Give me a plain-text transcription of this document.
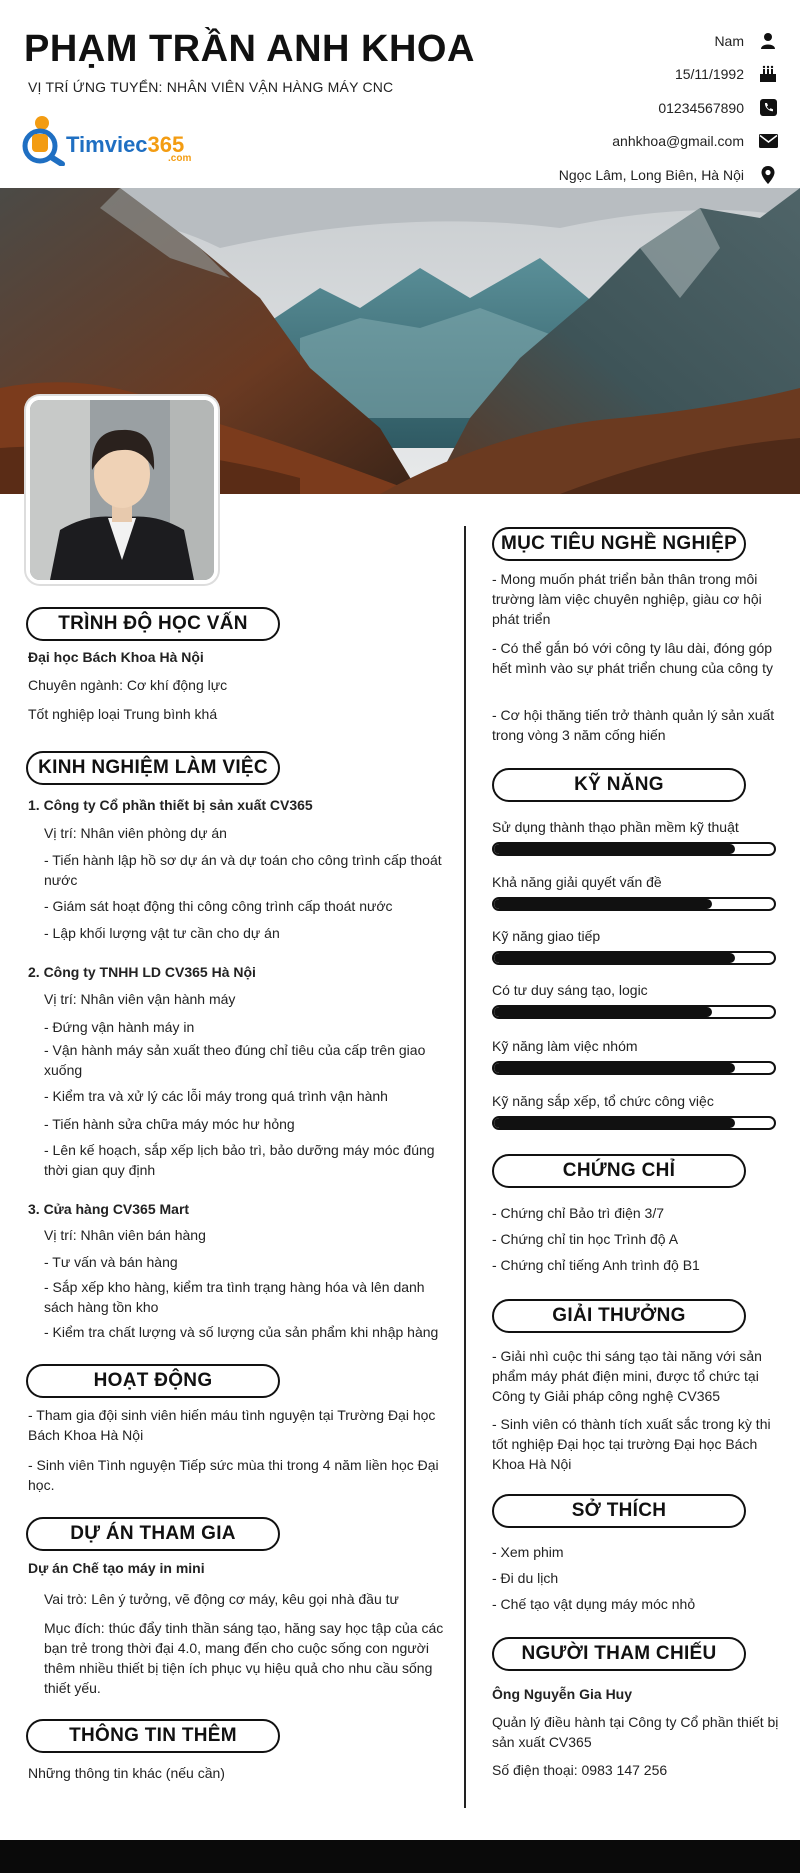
PHẠM TRẦN ANH KHOA
VỊ TRÍ ỨNG TUYỂN: NHÂN VIÊN VẬN HÀNG MÁY CNC
Timviec365
.com
Nam
15/11/1992
01234567890
anhkhoa@gmail.com
Ngọc Lâm, Long Biên, Hà Nội
TRÌNH ĐỘ HỌC VẤN
Đại học Bách Khoa Hà Nội
Chuyên ngành: Cơ khí động lực
Tốt nghiệp loại Trung bình khá
KINH NGHIỆM LÀM VIỆC
1. Công ty Cổ phần thiết bị sản xuất CV365
Vị trí: Nhân viên phòng dự án
- Tiến hành lập hồ sơ dự án và dự toán cho công trình cấp thoát nước
- Giám sát hoạt động thi công công trình cấp thoát nước
- Lập khối lượng vật tư cần cho dự án
2. Công ty TNHH LD CV365 Hà Nội
Vị trí: Nhân viên vận hành máy
- Đứng vận hành máy in
- Vận hành máy sản xuất theo đúng chỉ tiêu của cấp trên giao xuống
- Kiểm tra và xử lý các lỗi máy trong quá trình vận hành
- Tiến hành sửa chữa máy móc hư hỏng
- Lên kế hoạch, sắp xếp lịch bảo trì, bảo dưỡng máy móc đúng thời gian quy định
3. Cửa hàng CV365 Mart
Vị trí: Nhân viên bán hàng
- Tư vấn và bán hàng
- Sắp xếp kho hàng, kiểm tra tình trạng hàng hóa và lên danh sách hàng tồn kho
- Kiểm tra chất lượng và số lượng của sản phẩm khi nhập hàng
HOẠT ĐỘNG
- Tham gia đội sinh viên hiến máu tình nguyện tại Trường Đại học Bách Khoa Hà Nội
- Sinh viên Tình nguyện Tiếp sức mùa thi trong 4 năm liền học Đại học.
DỰ ÁN THAM GIA
Dự án Chế tạo máy in mini
Vai trò: Lên ý tưởng, vẽ động cơ máy, kêu gọi nhà đầu tư
Mục đích: thúc đẩy tinh thần sáng tạo, hăng say học tập của các bạn trẻ trong thời đại 4.0, mang đến cho cuộc sống con người thêm nhiều thiết bị tiện ích phục vụ hiệu quả cho nhu cầu sống thiết yếu.
THÔNG TIN THÊM
Những thông tin khác (nếu cần)
MỤC TIÊU NGHỀ NGHIỆP
- Mong muốn phát triển bản thân trong môi trường làm việc chuyên nghiệp, giàu cơ hội phát triển
- Có thể gắn bó với công ty lâu dài, đóng góp hết mình vào sự phát triển chung của công ty
- Cơ hội thăng tiến trở thành quản lý sản xuất trong vòng 3 năm cống hiến
KỸ NĂNG
Sử dụng thành thạo phần mềm kỹ thuật
Khả năng giải quyết vấn đề
Kỹ năng giao tiếp
Có tư duy sáng tạo, logic
Kỹ năng làm việc nhóm
Kỹ năng sắp xếp, tổ chức công việc
CHỨNG CHỈ
- Chứng chỉ Bảo trì điện 3/7
- Chứng chỉ tin học Trình độ A
- Chứng chỉ tiếng Anh trình độ B1
GIẢI THƯỞNG
- Giải nhì cuộc thi sáng tạo tài năng với sản phẩm máy phát điện mini, được tổ chức tại Công ty Giải pháp công nghệ CV365
- Sinh viên có thành tích xuất sắc trong kỳ thi tốt nghiệp Đại học tại trường Đại học Bách Khoa Hà Nội
SỞ THÍCH
- Xem phim
- Đi du lịch
- Chế tạo vật dụng máy móc nhỏ
NGƯỜI THAM CHIẾU
Ông Nguyễn Gia Huy
Quản lý điều hành tại Công ty Cổ phần thiết bị sản xuất CV365
Số điện thoại: 0983 147 256
